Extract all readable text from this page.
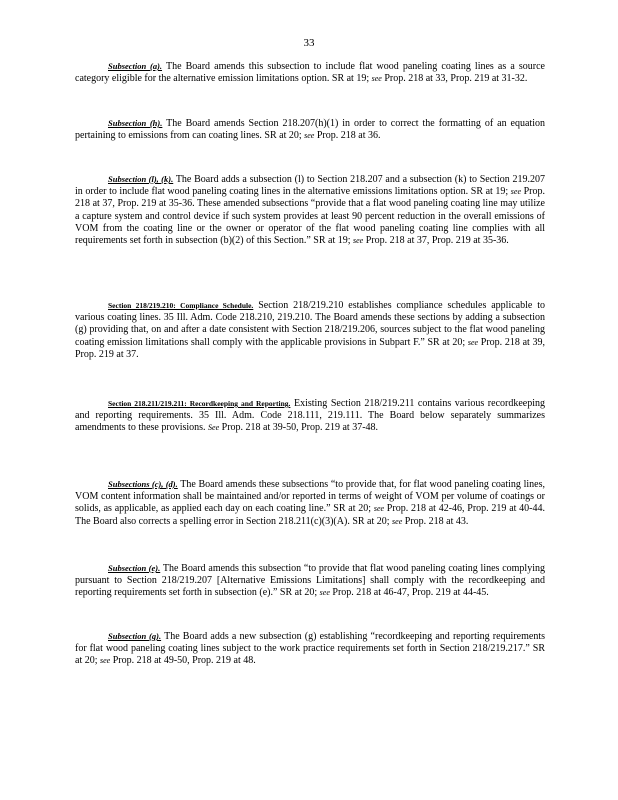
33

Subsection (a). The Board amends this subsection to include flat wood paneling coating lines as a source category eligible for the alternative emission limitations option. SR at 19; see Prop. 218 at 33, Prop. 219 at 31-32.

Subsection (h). The Board amends Section 218.207(h)(1) in order to correct the formatting of an equation pertaining to emissions from can coating lines. SR at 20; see Prop. 218 at 36.

Subsection (l), (k). The Board adds a subsection (l) to Section 218.207 and a subsection (k) to Section 219.207 in order to include flat wood paneling coating lines in the alternative emissions limitations option. SR at 19; see Prop. 218 at 37, Prop. 219 at 35-36. These amended subsections “provide that a flat wood paneling coating line may utilize a capture system and control device if such system provides at least 90 percent reduction in the overall emissions of VOM from the coating line or the owner or operator of the flat wood paneling coating line complies with all requirements set forth in subsection (b)(2) of this Section.” SR at 19; see Prop. 218 at 37, Prop. 219 at 35-36.

Section 218/219.210: Compliance Schedule. Section 218/219.210 establishes compliance schedules applicable to various coating lines. 35 Ill. Adm. Code 218.210, 219.210. The Board amends these sections by adding a subsection (g) providing that, on and after a date consistent with Section 218/219.206, sources subject to the flat wood paneling coating emission limitations shall comply with the applicable provisions in Subpart F.” SR at 20; see Prop. 218 at 39, Prop. 219 at 37.

Section 218.211/219.211: Recordkeeping and Reporting. Existing Section 218/219.211 contains various recordkeeping and reporting requirements. 35 Ill. Adm. Code 218.111, 219.111. The Board below separately summarizes amendments to these provisions. See Prop. 218 at 39-50, Prop. 219 at 37-48.

Subsections (c), (d). The Board amends these subsections “to provide that, for flat wood paneling coating lines, VOM content information shall be maintained and/or reported in terms of weight of VOM per volume of coatings or solids, as applicable, as applied each day on each coating line.” SR at 20; see Prop. 218 at 42-46, Prop. 219 at 40-44. The Board also corrects a spelling error in Section 218.211(c)(3)(A). SR at 20; see Prop. 218 at 43.

Subsection (e). The Board amends this subsection “to provide that flat wood paneling coating lines complying pursuant to Section 218/219.207 [Alternative Emissions Limitations] shall comply with the recordkeeping and reporting requirements set forth in subsection (e).” SR at 20; see Prop. 218 at 46-47, Prop. 219 at 44-45.

Subsection (g). The Board adds a new subsection (g) establishing “recordkeeping and reporting requirements for flat wood paneling coating lines subject to the work practice requirements set forth in Section 218/219.217.” SR at 20; see Prop. 218 at 49-50, Prop. 219 at 48.
